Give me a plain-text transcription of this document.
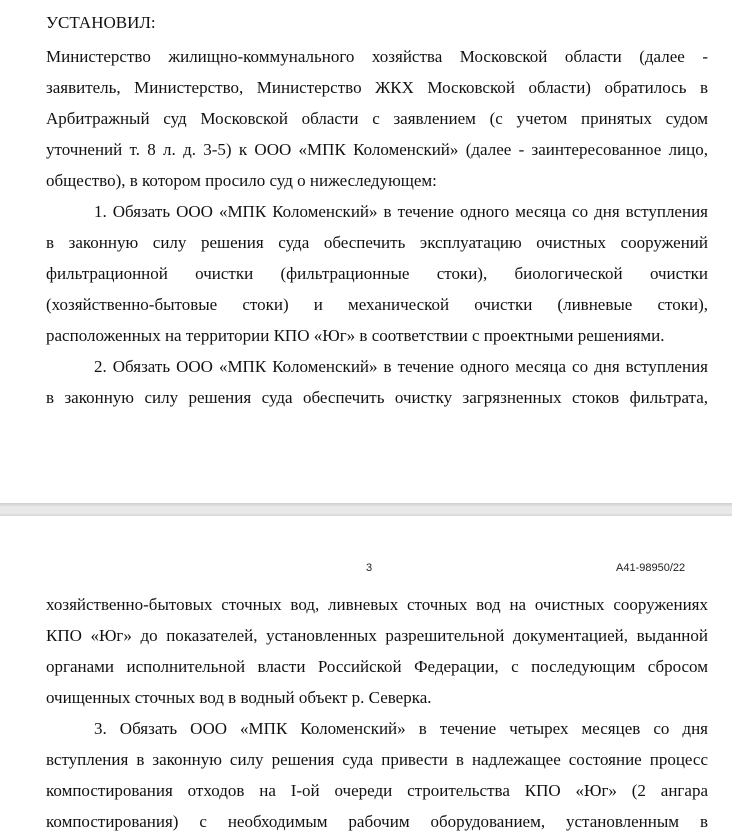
УСТАНОВИЛ:
Министерство жилищно-коммунального хозяйства Московской области (далее -
заявитель, Министерство, Министерство ЖКХ Московской области) обратилось в
Арбитражный суд Московской области с заявлением (с учетом принятых судом
уточнений т. 8 л. д. 3-5) к ООО «МПК Коломенский» (далее - заинтересованное лицо,
общество), в котором просило суд о нижеследующем:
1. Обязать ООО «МПК Коломенский» в течение одного месяца со дня вступления
в законную силу решения суда обеспечить эксплуатацию очистных сооружений
фильтрационной очистки (фильтрационные стоки), биологической очистки
(хозяйственно-бытовые стоки) и механической очистки (ливневые стоки),
расположенных на территории КПО «Юг» в соответствии с проектными решениями.
2. Обязать ООО «МПК Коломенский» в течение одного месяца со дня вступления
в законную силу решения суда обеспечить очистку загрязненных стоков фильтрата,
3	А41-98950/22
хозяйственно-бытовых сточных вод, ливневых сточных вод на очистных сооружениях
КПО «Юг» до показателей, установленных разрешительной документацией, выданной
органами исполнительной власти Российской Федерации, с последующим сбросом
очищенных сточных вод в водный объект р. Северка.
3. Обязать ООО «МПК Коломенский» в течение четырех месяцев со дня
вступления в законную силу решения суда привести в надлежащее состояние процесс
компостирования отходов на I-ой очереди строительства КПО «Юг» (2 ангара
компостирования) с необходимым рабочим оборудованием, установленным в
